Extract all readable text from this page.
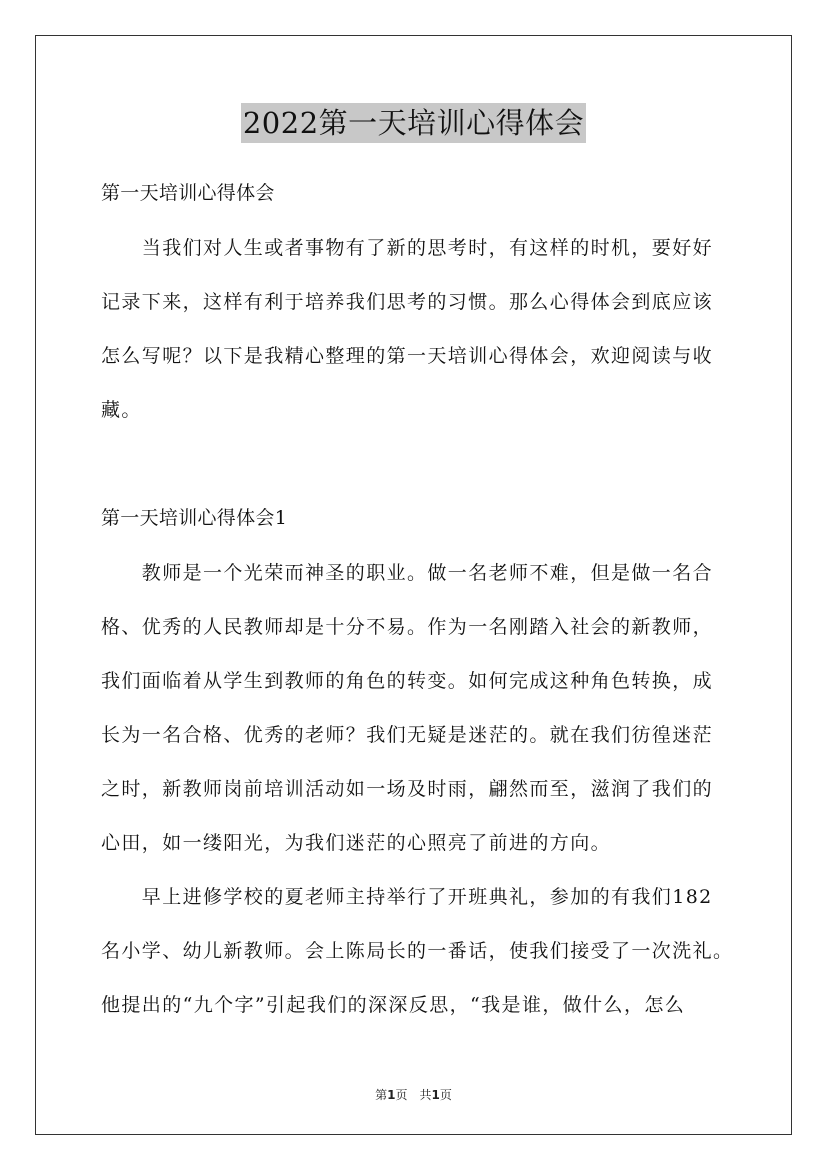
2022第一天培训心得体会
第一天培训心得体会
　　当我们对人生或者事物有了新的思考时，有这样的时机，要好好
记录下来，这样有利于培养我们思考的习惯。那么心得体会到底应该
怎么写呢？以下是我精心整理的第一天培训心得体会，欢迎阅读与收
藏。
第一天培训心得体会1
　　教师是一个光荣而神圣的职业。做一名老师不难，但是做一名合
格、优秀的人民教师却是十分不易。作为一名刚踏入社会的新教师，
我们面临着从学生到教师的角色的转变。如何完成这种角色转换，成
长为一名合格、优秀的老师？我们无疑是迷茫的。就在我们彷徨迷茫
之时，新教师岗前培训活动如一场及时雨，翩然而至，滋润了我们的
心田，如一缕阳光，为我们迷茫的心照亮了前进的方向。
　　早上进修学校的夏老师主持举行了开班典礼，参加的有我们182
名小学、幼儿新教师。会上陈局长的一番话，使我们接受了一次洗礼。
他提出的“九个字”引起我们的深深反思，“我是谁，做什么，怎么
第1页　共1页
